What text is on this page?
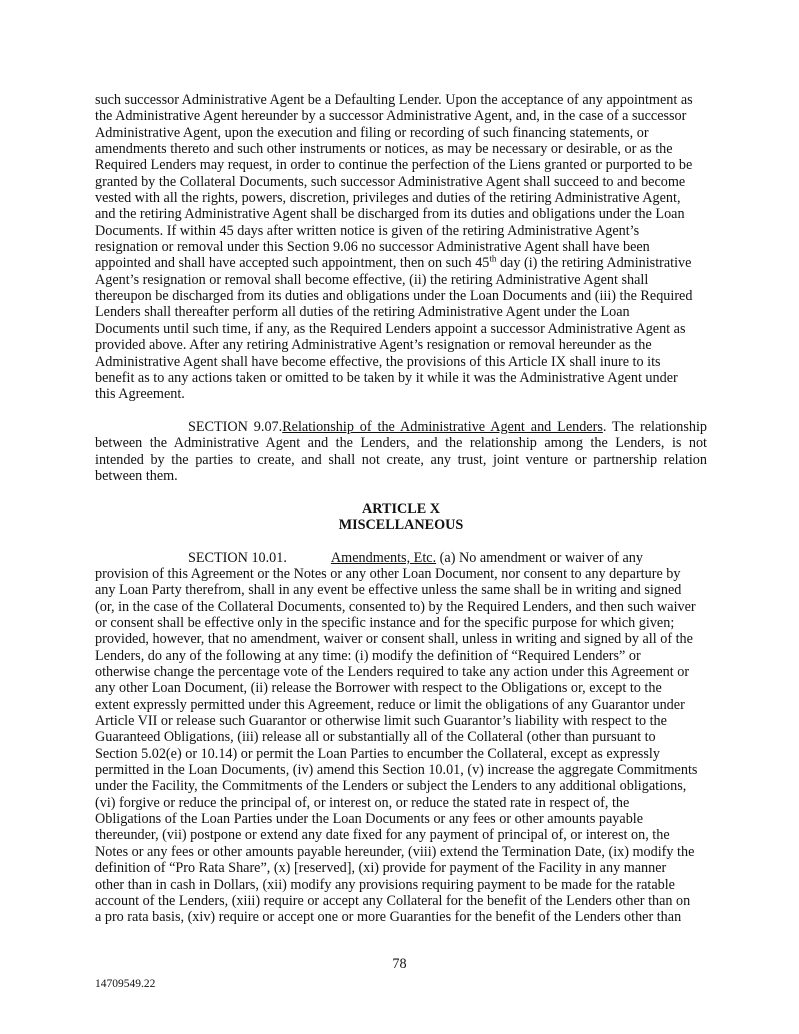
such successor Administrative Agent be a Defaulting Lender. Upon the acceptance of any appointment as
the Administrative Agent hereunder by a successor Administrative Agent, and, in the case of a successor
Administrative Agent, upon the execution and filing or recording of such financing statements, or
amendments thereto and such other instruments or notices, as may be necessary or desirable, or as the
Required Lenders may request, in order to continue the perfection of the Liens granted or purported to be
granted by the Collateral Documents, such successor Administrative Agent shall succeed to and become
vested with all the rights, powers, discretion, privileges and duties of the retiring Administrative Agent,
and the retiring Administrative Agent shall be discharged from its duties and obligations under the Loan
Documents. If within 45 days after written notice is given of the retiring Administrative Agent’s
resignation or removal under this Section 9.06 no successor Administrative Agent shall have been
appointed and shall have accepted such appointment, then on such 45th day (i) the retiring Administrative
Agent’s resignation or removal shall become effective, (ii) the retiring Administrative Agent shall
thereupon be discharged from its duties and obligations under the Loan Documents and (iii) the Required
Lenders shall thereafter perform all duties of the retiring Administrative Agent under the Loan
Documents until such time, if any, as the Required Lenders appoint a successor Administrative Agent as
provided above. After any retiring Administrative Agent’s resignation or removal hereunder as the
Administrative Agent shall have become effective, the provisions of this Article IX shall inure to its
benefit as to any actions taken or omitted to be taken by it while it was the Administrative Agent under
this Agreement.
SECTION 9.07.Relationship of the Administrative Agent and Lenders. The relationship
between the Administrative Agent and the Lenders, and the relationship among the Lenders, is not
intended by the parties to create, and shall not create, any trust, joint venture or partnership relation
between them.
ARTICLE X
MISCELLANEOUS
SECTION 10.01.	Amendments, Etc. (a) No amendment or waiver of any
provision of this Agreement or the Notes or any other Loan Document, nor consent to any departure by
any Loan Party therefrom, shall in any event be effective unless the same shall be in writing and signed
(or, in the case of the Collateral Documents, consented to) by the Required Lenders, and then such waiver
or consent shall be effective only in the specific instance and for the specific purpose for which given;
provided, however, that no amendment, waiver or consent shall, unless in writing and signed by all of the
Lenders, do any of the following at any time: (i) modify the definition of “Required Lenders” or
otherwise change the percentage vote of the Lenders required to take any action under this Agreement or
any other Loan Document, (ii) release the Borrower with respect to the Obligations or, except to the
extent expressly permitted under this Agreement, reduce or limit the obligations of any Guarantor under
Article VII or release such Guarantor or otherwise limit such Guarantor’s liability with respect to the
Guaranteed Obligations, (iii) release all or substantially all of the Collateral (other than pursuant to
Section 5.02(e) or 10.14) or permit the Loan Parties to encumber the Collateral, except as expressly
permitted in the Loan Documents, (iv) amend this Section 10.01, (v) increase the aggregate Commitments
under the Facility, the Commitments of the Lenders or subject the Lenders to any additional obligations,
(vi) forgive or reduce the principal of, or interest on, or reduce the stated rate in respect of, the
Obligations of the Loan Parties under the Loan Documents or any fees or other amounts payable
thereunder, (vii) postpone or extend any date fixed for any payment of principal of, or interest on, the
Notes or any fees or other amounts payable hereunder, (viii) extend the Termination Date, (ix) modify the
definition of “Pro Rata Share”, (x) [reserved], (xi) provide for payment of the Facility in any manner
other than in cash in Dollars, (xii) modify any provisions requiring payment to be made for the ratable
account of the Lenders, (xiii) require or accept any Collateral for the benefit of the Lenders other than on
a pro rata basis, (xiv) require or accept one or more Guaranties for the benefit of the Lenders other than
78
14709549.22
